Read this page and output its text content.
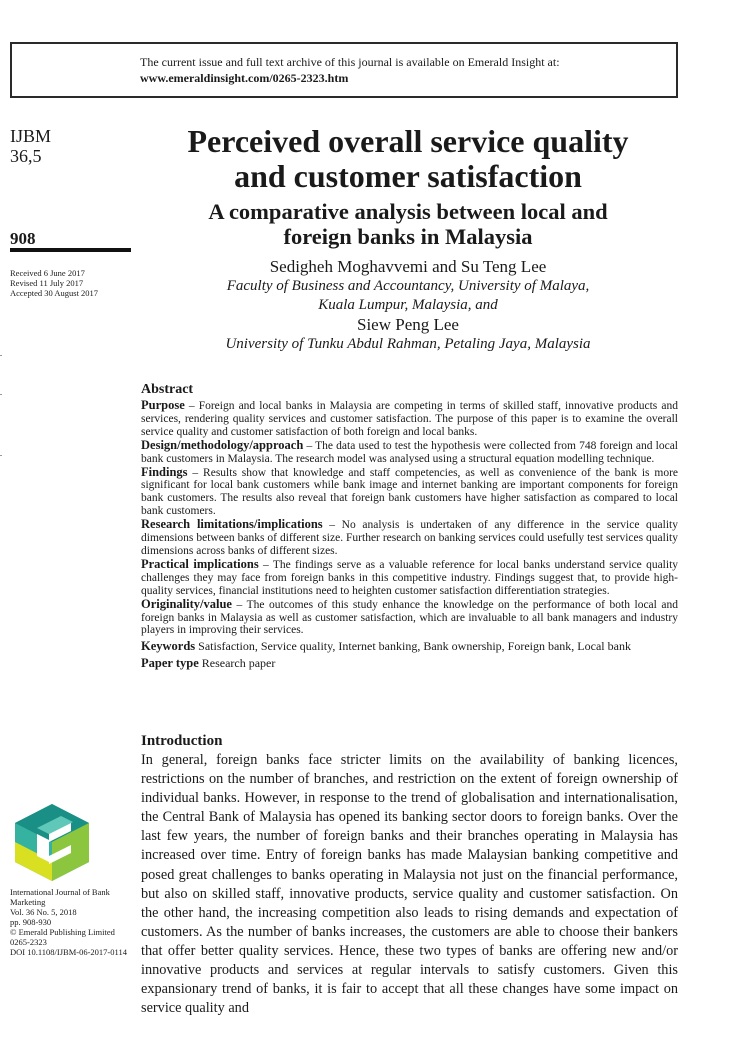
The current issue and full text archive of this journal is available on Emerald Insight at:
www.emeraldinsight.com/0265-2323.htm
IJBM
36,5
908
Received 6 June 2017
Revised 11 July 2017
Accepted 30 August 2017
Perceived overall service quality
and customer satisfaction
A comparative analysis between local and
foreign banks in Malaysia
Sedigheh Moghavvemi and Su Teng Lee
Faculty of Business and Accountancy, University of Malaya,
Kuala Lumpur, Malaysia, and
Siew Peng Lee
University of Tunku Abdul Rahman, Petaling Jaya, Malaysia
Abstract

Purpose – Foreign and local banks in Malaysia are competing in terms of skilled staff, innovative products and services, rendering quality services and customer satisfaction. The purpose of this paper is to examine the overall service quality and customer satisfaction of both foreign and local banks.

Design/methodology/approach – The data used to test the hypothesis were collected from 748 foreign and local bank customers in Malaysia. The research model was analysed using a structural equation modelling technique.

Findings – Results show that knowledge and staff competencies, as well as convenience of the bank is more significant for local bank customers while bank image and internet banking are important components for foreign bank customers. The results also reveal that foreign bank customers have higher satisfaction as compared to local bank customers.

Research limitations/implications – No analysis is undertaken of any difference in the service quality dimensions between banks of different size. Further research on banking services could usefully test services quality dimensions across banks of different sizes.

Practical implications – The findings serve as a valuable reference for local banks understand service quality challenges they may face from foreign banks in this competitive industry. Findings suggest that, to provide high-quality services, financial institutions need to heighten customer satisfaction differentiation strategies.

Originality/value – The outcomes of this study enhance the knowledge on the performance of both local and foreign banks in Malaysia as well as customer satisfaction, which are invaluable to all bank managers and industry players in improving their services.

Keywords Satisfaction, Service quality, Internet banking, Bank ownership, Foreign bank, Local bank

Paper type Research paper

Introduction

In general, foreign banks face stricter limits on the availability of banking licences, restrictions on the number of branches, and restriction on the extent of foreign ownership of individual banks. However, in response to the trend of globalisation and internationalisation, the Central Bank of Malaysia has opened its banking sector doors to foreign banks. Over the last few years, the number of foreign banks and their branches operating in Malaysia has increased over time. Entry of foreign banks has made Malaysian banking competitive and posed great challenges to banks operating in Malaysia not just on the financial performance, but also on skilled staff, innovative products, service quality and customer satisfaction. On the other hand, the increasing competition also leads to rising demands and expectation of customers. As the number of banks increases, the customers are able to choose their bankers that offer better quality services. Hence, these two types of banks are offering new and/or innovative products and services at regular intervals to satisfy customers. Given this expansionary trend of banks, it is fair to accept that all these changes have some impact on service quality and

International Journal of Bank
Marketing
Vol. 36 No. 5, 2018
pp. 908-930
© Emerald Publishing Limited
0265-2323
DOI 10.1108/IJBM-06-2017-0114
